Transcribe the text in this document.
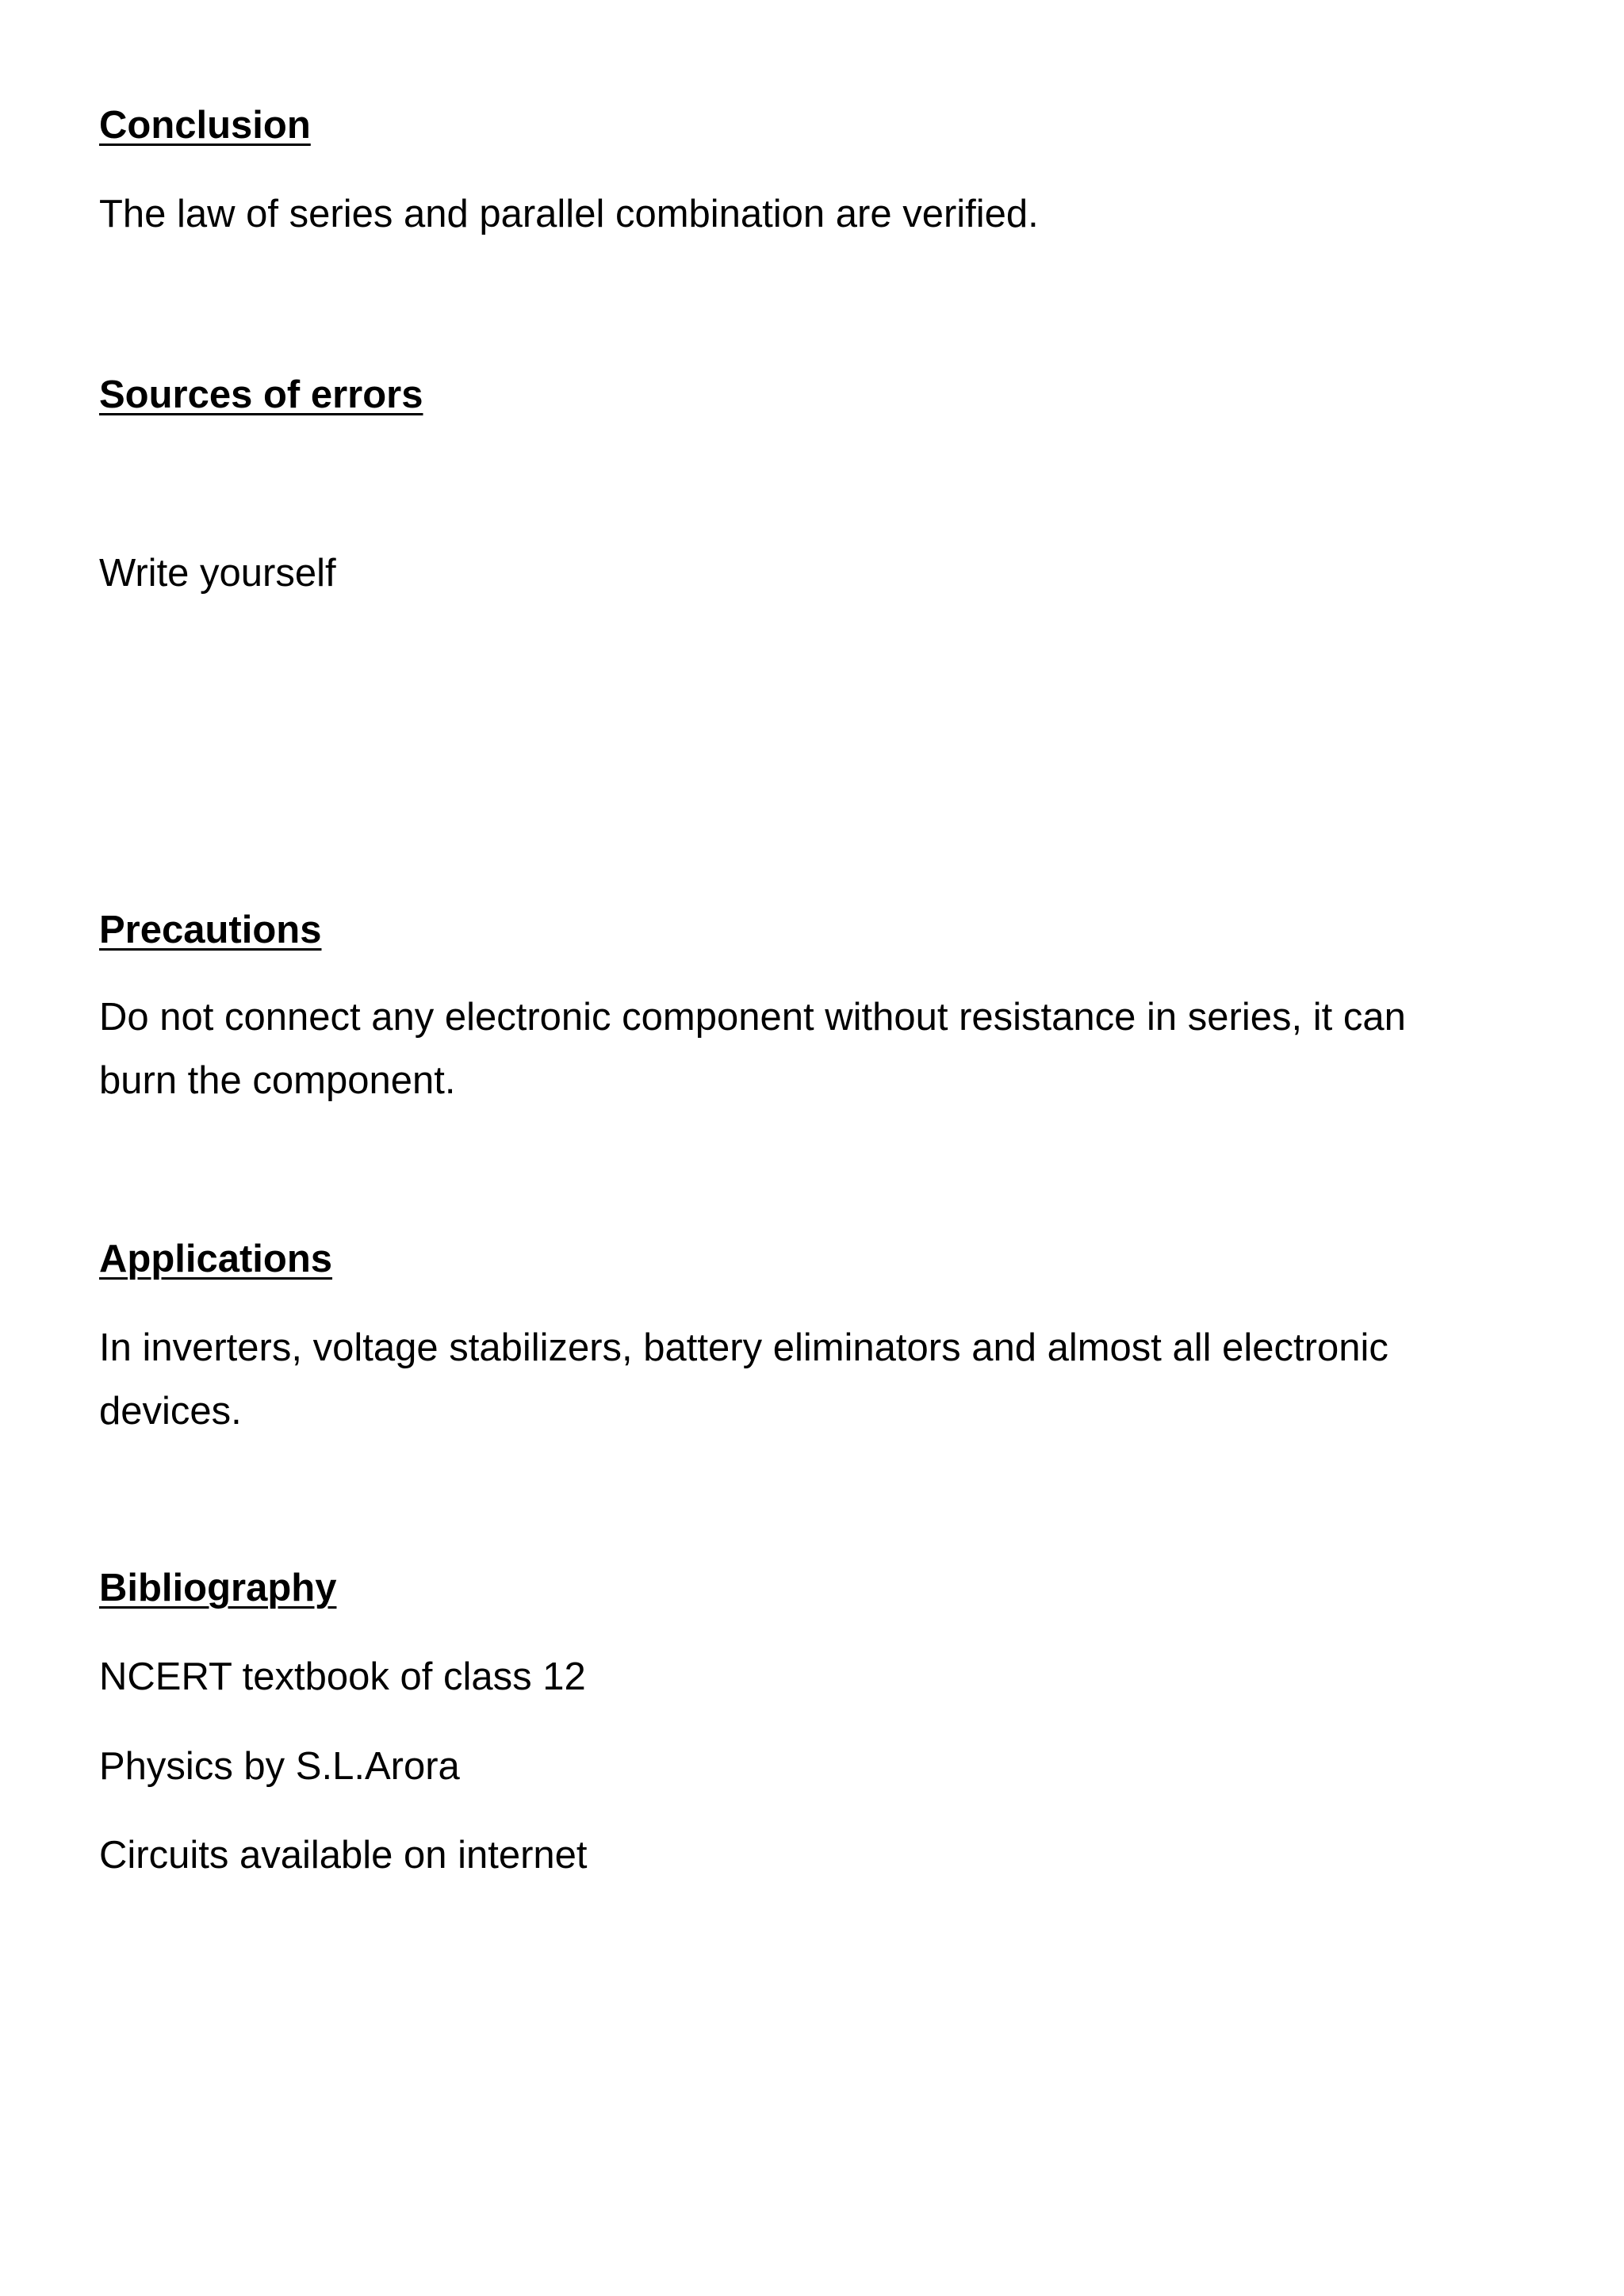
Conclusion

The law of series and parallel combination are verified.

Sources of errors

Write yourself

Precautions

Do not connect any electronic component without resistance in series, it can

burn the component.

Applications

In inverters, voltage stabilizers, battery eliminators and almost all electronic

devices.

Bibliography

NCERT textbook of class 12

Physics by S.L.Arora

Circuits available on internet
